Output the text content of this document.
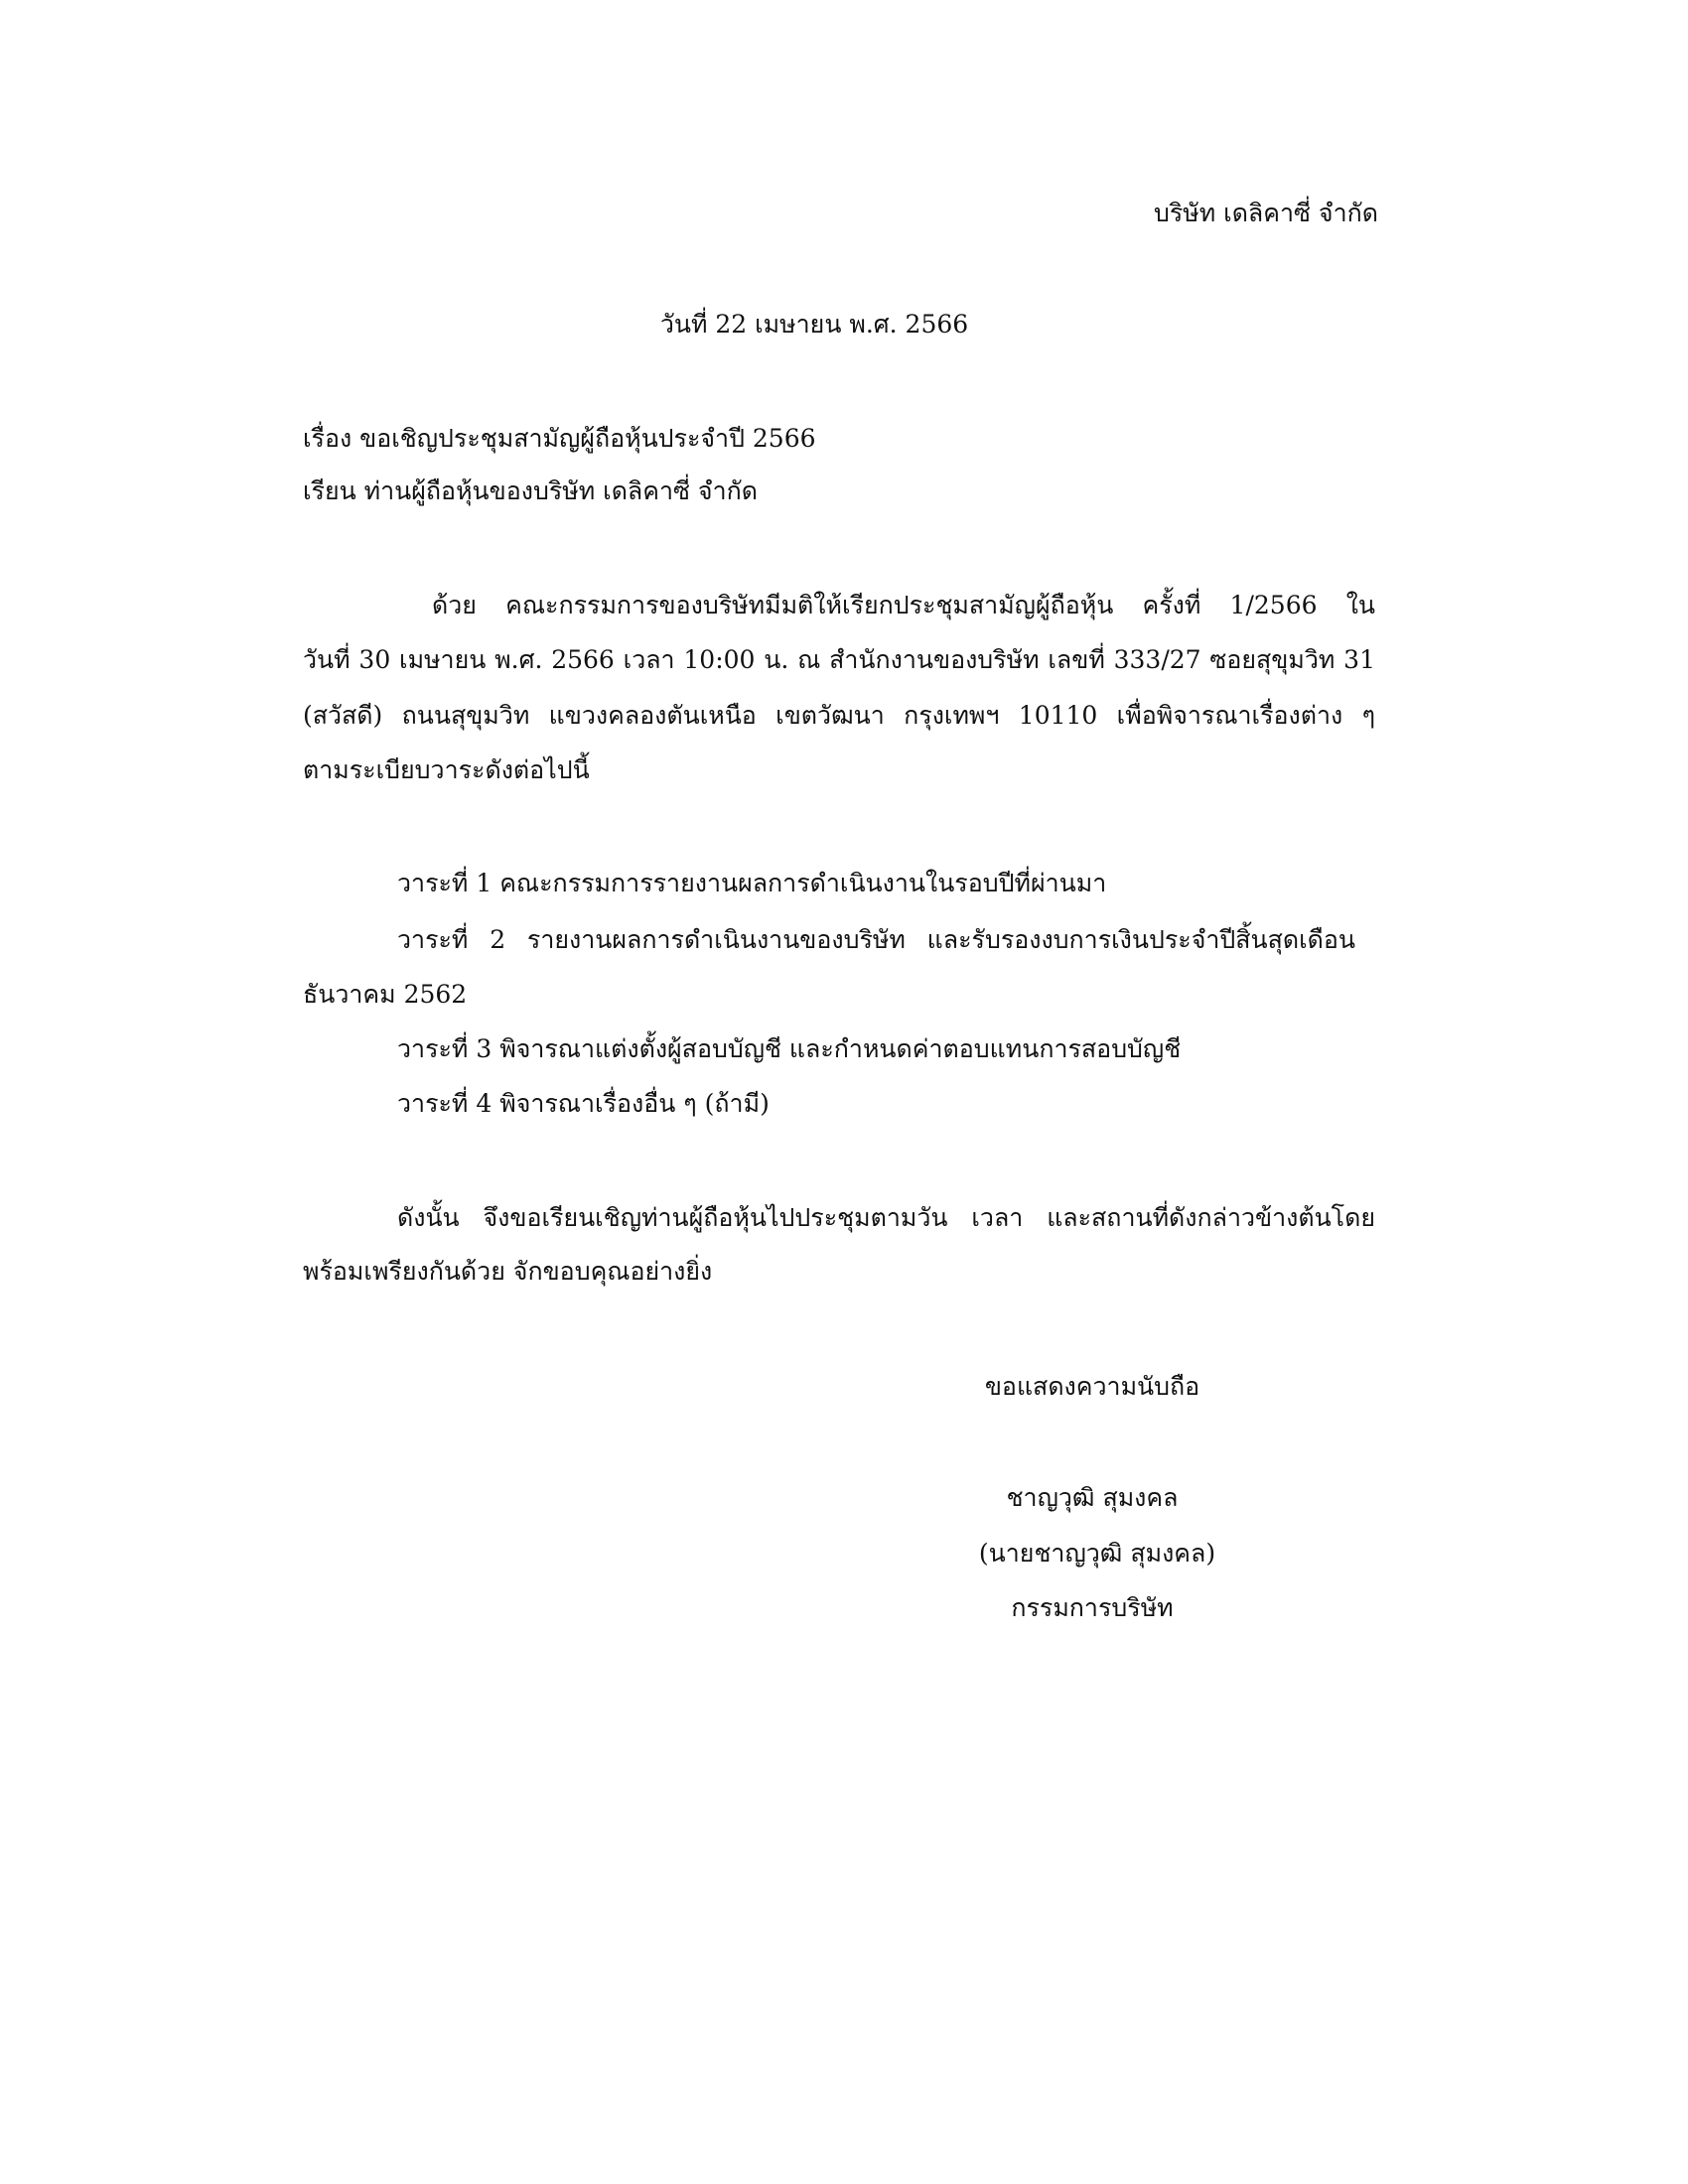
บริษัท เดลิคาซี่ จำกัด
วันที่ 22 เมษายน พ.ศ. 2566
เรื่อง ขอเชิญประชุมสามัญผู้ถือหุ้นประจำปี 2566
เรียน ท่านผู้ถือหุ้นของบริษัท เดลิคาซี่ จำกัด
ด้วย คณะกรรมการของบริษัทมีมติให้เรียกประชุมสามัญผู้ถือหุ้น ครั้งที่ 1/2566 ใน
วันที่ 30 เมษายน พ.ศ. 2566 เวลา 10:00 น. ณ สำนักงานของบริษัท เลขที่ 333/27 ซอยสุขุมวิท 31
(สวัสดี) ถนนสุขุมวิท แขวงคลองตันเหนือ เขตวัฒนา กรุงเทพฯ 10110 เพื่อพิจารณาเรื่องต่าง ๆ
ตามระเบียบวาระดังต่อไปนี้
วาระที่ 1 คณะกรรมการรายงานผลการดำเนินงานในรอบปีที่ผ่านมา
วาระที่ 2 รายงานผลการดำเนินงานของบริษัท และรับรองงบการเงินประจำปีสิ้นสุดเดือน
ธันวาคม 2562
วาระที่ 3 พิจารณาแต่งตั้งผู้สอบบัญชี และกำหนดค่าตอบแทนการสอบบัญชี
วาระที่ 4 พิจารณาเรื่องอื่น ๆ (ถ้ามี)
ดังนั้น จึงขอเรียนเชิญท่านผู้ถือหุ้นไปประชุมตามวัน เวลา และสถานที่ดังกล่าวข้างต้นโดย
พร้อมเพรียงกันด้วย จักขอบคุณอย่างยิ่ง
ขอแสดงความนับถือ
ชาญวุฒิ สุมงคล
(นายชาญวุฒิ สุมงคล)
กรรมการบริษัท
